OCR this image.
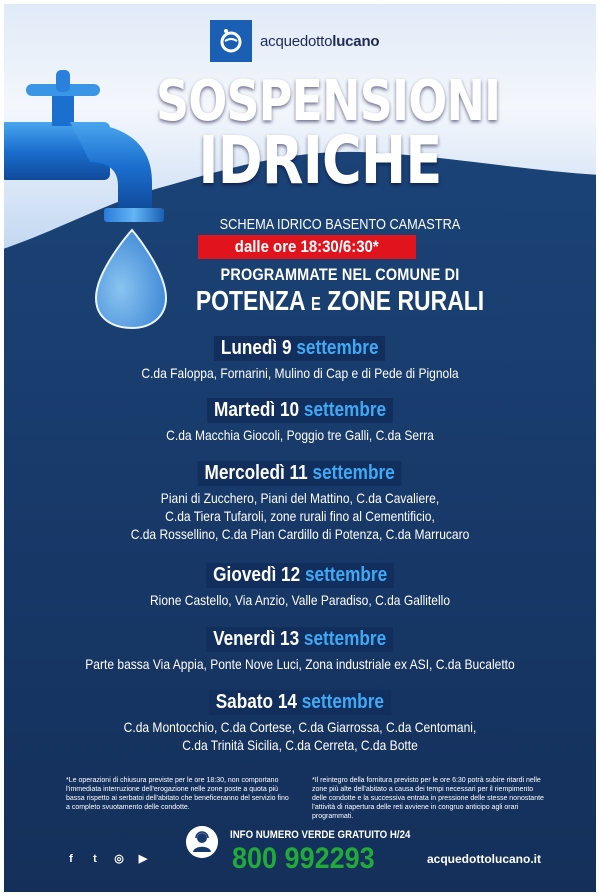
acquedottolucano
SOSPENSIONI
IDRICHE
SCHEMA IDRICO BASENTO CAMASTRA
dalle ore 18:30/6:30*
PROGRAMMATE NEL COMUNE DI
POTENZA E ZONE RURALI
Lunedì 9 settembre
C.da Faloppa, Fornarini, Mulino di Cap e di Pede di Pignola
Martedì 10 settembre
C.da Macchia Giocoli, Poggio tre Galli, C.da Serra
Mercoledì 11 settembre
Piani di Zucchero, Piani del Mattino, C.da Cavaliere,
C.da Tiera Tufaroli, zone rurali fino al Cementificio,
C.da Rossellino, C.da Pian Cardillo di Potenza, C.da Marrucaro
Giovedì 12 settembre
Rione Castello, Via Anzio, Valle Paradiso, C.da Gallitello
Venerdì 13 settembre
Parte bassa Via Appia, Ponte Nove Luci, Zona industriale ex ASI, C.da Bucaletto
Sabato 14 settembre
C.da Montocchio, C.da Cortese, C.da Giarrossa, C.da Centomani,
C.da Trinità Sicilia, C.da Cerreta, C.da Botte
*Le operazioni di chiusura previste per le ore 18:30, non comportano l'immediata interruzione dell'erogazione nelle zone poste a quota più bassa rispetto ai serbatoi dell'abitato che beneficeranno del servizio fino a completo svuotamento delle condotte.
*Il reintegro della fornitura previsto per le ore 6:30 potrà subire ritardi nelle zone più alte dell'abitato a causa dei tempi necessari per il riempimento delle condotte e la successiva entrata in pressione delle stesse nonostante l'attività di riapertura delle reti avviene in congruo anticipo agli orari programmati.
f	t	◎ ▶
INFO NUMERO VERDE GRATUITO H/24
800 992293	acquedottolucano.it
